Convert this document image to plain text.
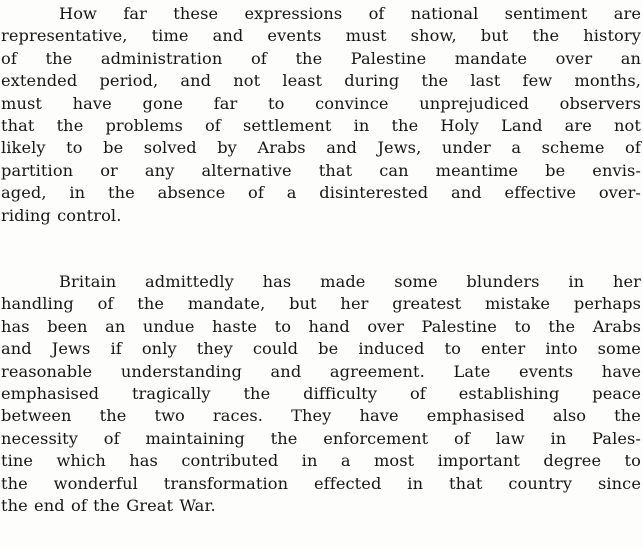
How far these expressions of national sentiment are
representative, time and events must show, but the history
of the administration of the Palestine mandate over an
extended period, and not least during the last few months,
must have gone far to convince unprejudiced observers
that the problems of settlement in the Holy Land are not
likely to be solved by Arabs and Jews, under a scheme of
partition or any alternative that can meantime be envis-
aged, in the absence of a disinterested and effective over-
riding control.
Britain admittedly has made some blunders in her
handling of the mandate, but her greatest mistake perhaps
has been an undue haste to hand over Palestine to the Arabs
and Jews if only they could be induced to enter into some
reasonable understanding and agreement. Late events have
emphasised tragically the difficulty of establishing peace
between the two races. They have emphasised also the
necessity of maintaining the enforcement of law in Pales-
tine which has contributed in a most important degree to
the wonderful transformation effected in that country since
the end of the Great War.
